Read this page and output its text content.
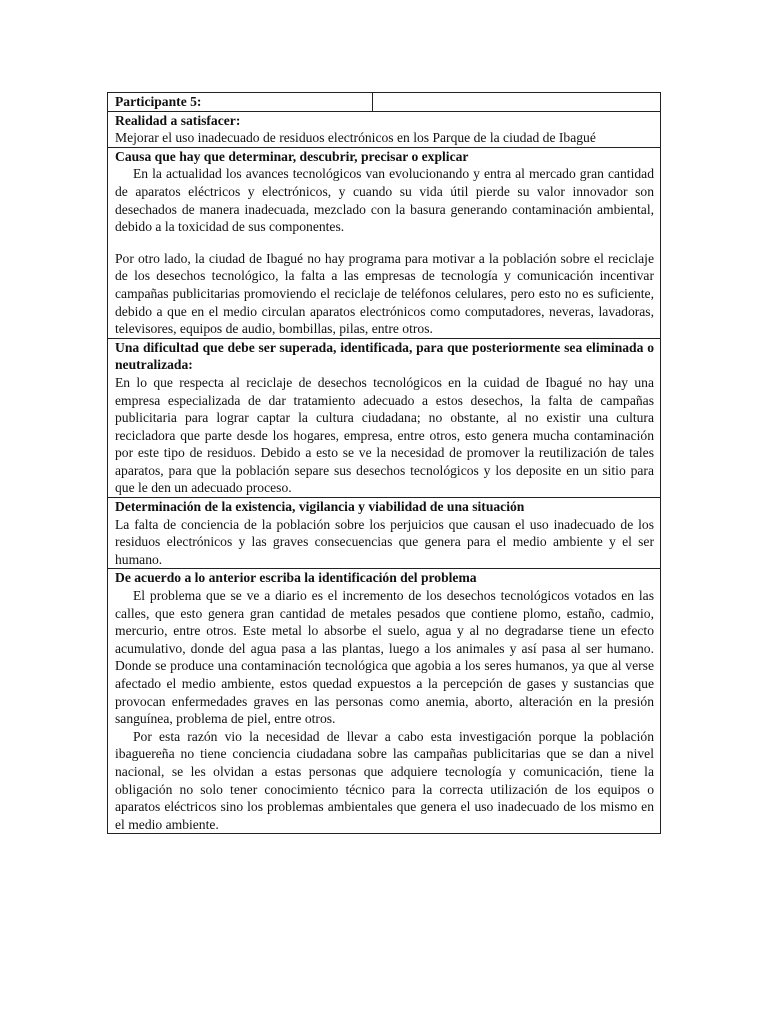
Participante 5:	

Realidad a satisfacer:

Mejorar el uso inadecuado de residuos electrónicos en los Parque de la ciudad de Ibagué

Causa que hay que determinar, descubrir, precisar o explicar

En la actualidad los avances tecnológicos van evolucionando y entra al mercado gran cantidad de aparatos eléctricos y electrónicos, y cuando su vida útil pierde su valor innovador son desechados de manera inadecuada, mezclado con la basura generando contaminación ambiental, debido a la toxicidad de sus componentes.

Por otro lado, la ciudad de Ibagué no hay programa para motivar a la población sobre el reciclaje de los desechos tecnológico, la falta a las empresas de tecnología y comunicación incentivar campañas publicitarias promoviendo el reciclaje de teléfonos celulares, pero esto no es suficiente, debido a que en el medio circulan aparatos electrónicos como computadores, neveras, lavadoras, televisores, equipos de audio, bombillas, pilas, entre otros.

Una dificultad que debe ser superada, identificada, para que posteriormente sea eliminada o neutralizada:

En lo que respecta al reciclaje de desechos tecnológicos en la cuidad de Ibagué no hay una empresa especializada de dar tratamiento adecuado a estos desechos, la falta de campañas publicitaria para lograr captar la cultura ciudadana; no obstante, al no existir una cultura recicladora que parte desde los hogares, empresa, entre otros, esto genera mucha contaminación por este tipo de residuos. Debido a esto se ve la necesidad de promover la reutilización de tales aparatos, para que la población separe sus desechos tecnológicos y los deposite en un sitio para que le den un adecuado proceso.

Determinación de la existencia, vigilancia y viabilidad de una situación

La falta de conciencia de la población sobre los perjuicios que causan el uso inadecuado de los residuos electrónicos y las graves consecuencias que genera para el medio ambiente y el ser humano.

De acuerdo a lo anterior escriba la identificación del problema

El problema que se ve a diario es el incremento de los desechos tecnológicos votados en las calles, que esto genera gran cantidad de metales pesados que contiene plomo, estaño, cadmio, mercurio, entre otros. Este metal lo absorbe el suelo, agua y al no degradarse tiene un efecto acumulativo, donde del agua pasa a las plantas, luego a los animales y así pasa al ser humano. Donde se produce una contaminación tecnológica que agobia a los seres humanos, ya que al verse afectado el medio ambiente, estos quedad expuestos a la percepción de gases y sustancias que provocan enfermedades graves en las personas como anemia, aborto, alteración en la presión sanguínea, problema de piel, entre otros.

Por esta razón vio la necesidad de llevar a cabo esta investigación porque la población ibaguereña no tiene conciencia ciudadana sobre las campañas publicitarias que se dan a nivel nacional, se les olvidan a estas personas que adquiere tecnología y comunicación, tiene la obligación no solo tener conocimiento técnico para la correcta utilización de los equipos o aparatos eléctricos sino los problemas ambientales que genera el uso inadecuado de los mismo en el medio ambiente.
